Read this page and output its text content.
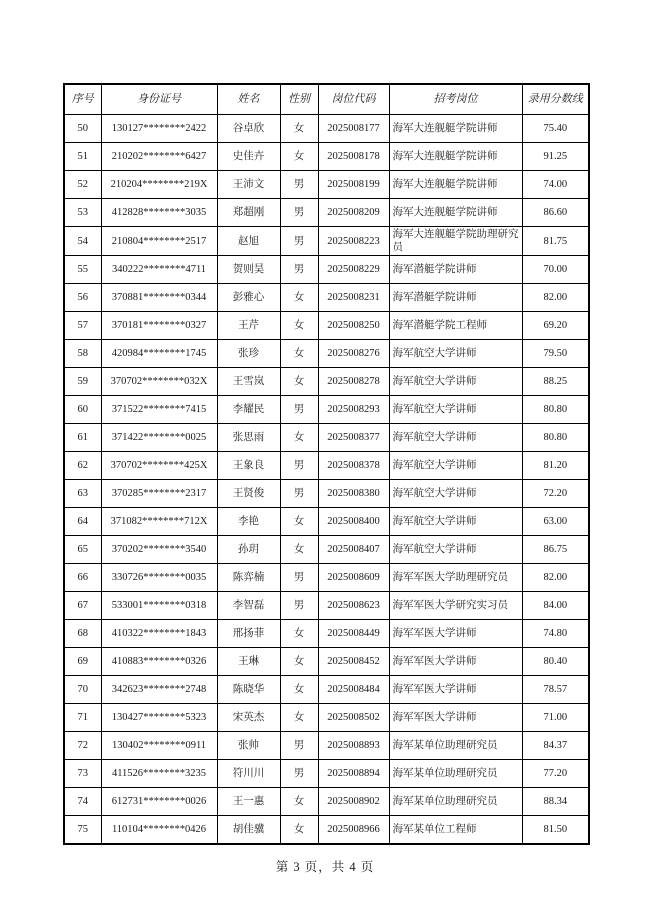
序号	身份证号	姓名	性别	岗位代码	招考岗位	录用分数线
50	130127********2422	谷卓欣	女	2025008177	海军大连舰艇学院讲师	75.40
51	210202********6427	史佳卉	女	2025008178	海军大连舰艇学院讲师	91.25
52	210204********219X	王沛文	男	2025008199	海军大连舰艇学院讲师	74.00
53	412828********3035	郑超刚	男	2025008209	海军大连舰艇学院讲师	86.60
54	210804********2517	赵旭	男	2025008223	海军大连舰艇学院助理研究员	81.75
55	340222********4711	贺则昊	男	2025008229	海军潜艇学院讲师	70.00
56	370881********0344	彭雅心	女	2025008231	海军潜艇学院讲师	82.00
57	370181********0327	王芹	女	2025008250	海军潜艇学院工程师	69.20
58	420984********1745	张珍	女	2025008276	海军航空大学讲师	79.50
59	370702********032X	王雪岚	女	2025008278	海军航空大学讲师	88.25
60	371522********7415	李耀民	男	2025008293	海军航空大学讲师	80.80
61	371422********0025	张思雨	女	2025008377	海军航空大学讲师	80.80
62	370702********425X	王象良	男	2025008378	海军航空大学讲师	81.20
63	370285********2317	王贤俊	男	2025008380	海军航空大学讲师	72.20
64	371082********712X	李艳	女	2025008400	海军航空大学讲师	63.00
65	370202********3540	孙玥	女	2025008407	海军航空大学讲师	86.75
66	330726********0035	陈弈楠	男	2025008609	海军军医大学助理研究员	82.00
67	533001********0318	李智磊	男	2025008623	海军军医大学研究实习员	84.00
68	410322********1843	邢扬菲	女	2025008449	海军军医大学讲师	74.80
69	410883********0326	王琳	女	2025008452	海军军医大学讲师	80.40
70	342623********2748	陈晓华	女	2025008484	海军军医大学讲师	78.57
71	130427********5323	宋英杰	女	2025008502	海军军医大学讲师	71.00
72	130402********0911	张帅	男	2025008893	海军某单位助理研究员	84.37
73	411526********3235	符川川	男	2025008894	海军某单位助理研究员	77.20
74	612731********0026	王一惠	女	2025008902	海军某单位助理研究员	88.34
75	110104********0426	胡佳骥	女	2025008966	海军某单位工程师	81.50
第 3 页，共 4 页
